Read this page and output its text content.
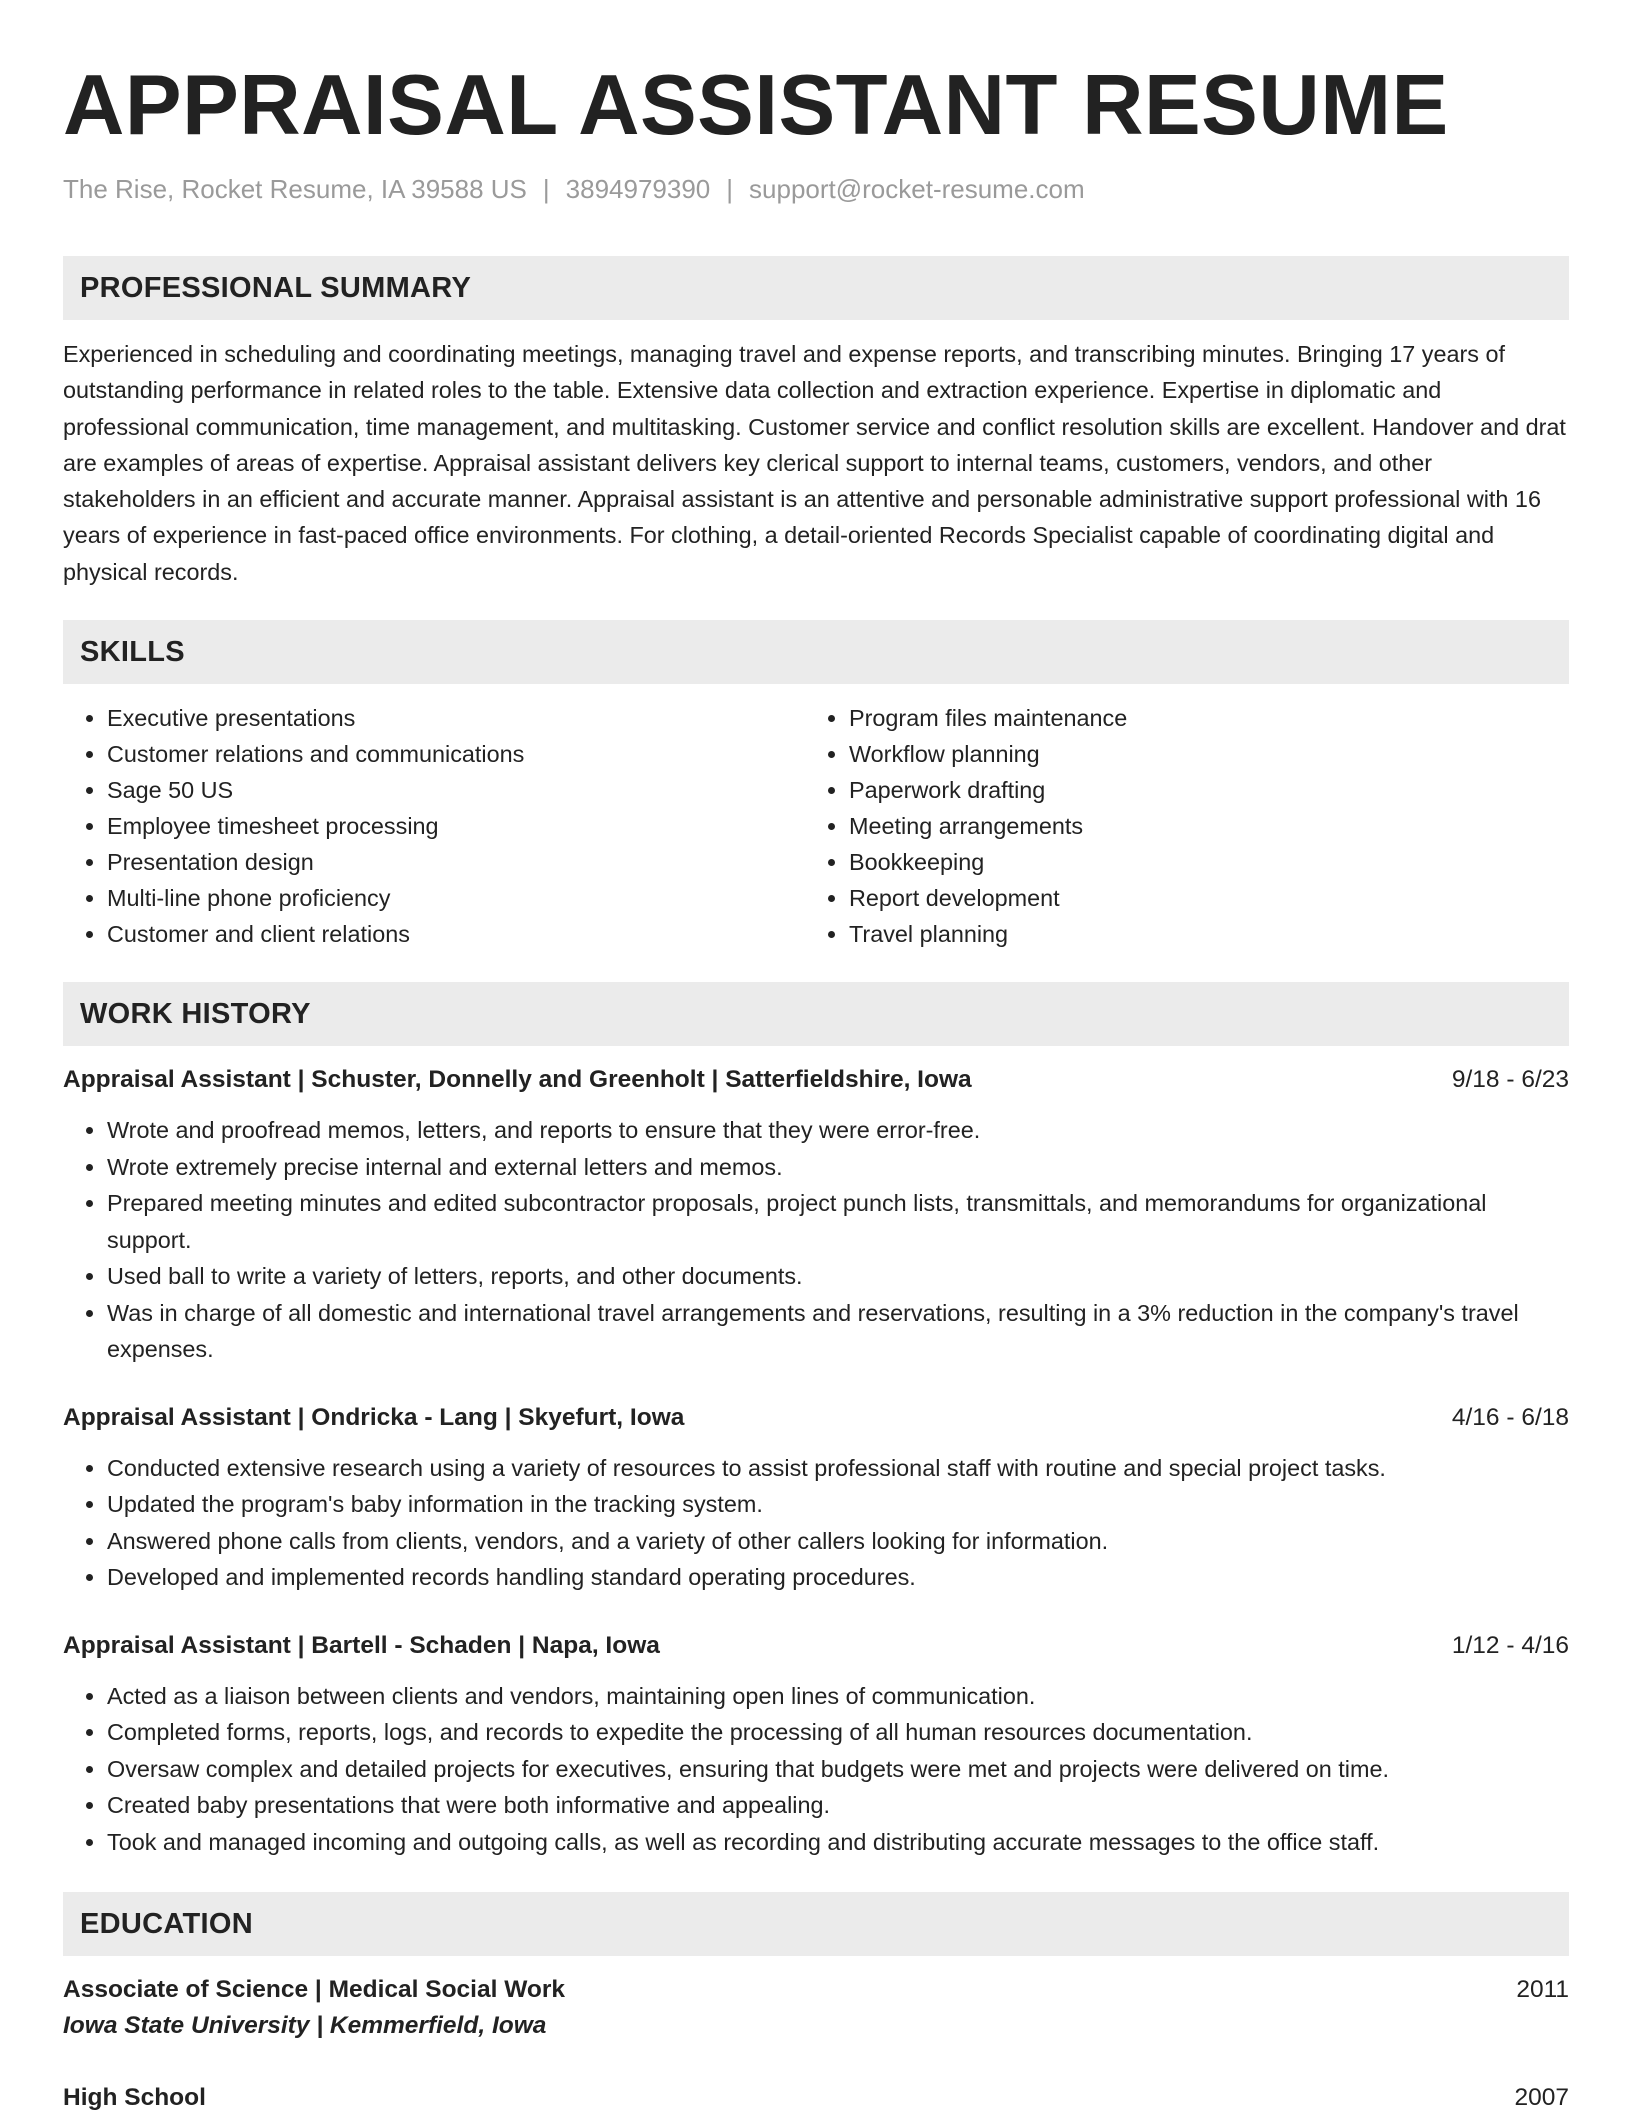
APPRAISAL ASSISTANT RESUME
The Rise, Rocket Resume, IA 39588 US | 3894979390 | support@rocket-resume.com
PROFESSIONAL SUMMARY
Experienced in scheduling and coordinating meetings, managing travel and expense reports, and transcribing minutes. Bringing 17 years of outstanding performance in related roles to the table. Extensive data collection and extraction experience. Expertise in diplomatic and professional communication, time management, and multitasking. Customer service and conflict resolution skills are excellent. Handover and drat are examples of areas of expertise. Appraisal assistant delivers key clerical support to internal teams, customers, vendors, and other stakeholders in an efficient and accurate manner. Appraisal assistant is an attentive and personable administrative support professional with 16 years of experience in fast-paced office environments. For clothing, a detail-oriented Records Specialist capable of coordinating digital and physical records.
SKILLS
• Executive presentations
• Customer relations and communications
• Sage 50 US
• Employee timesheet processing
• Presentation design
• Multi-line phone proficiency
• Customer and client relations
• Program files maintenance
• Workflow planning
• Paperwork drafting
• Meeting arrangements
• Bookkeeping
• Report development
• Travel planning
WORK HISTORY
Appraisal Assistant | Schuster, Donnelly and Greenholt | Satterfieldshire, Iowa	9/18 - 6/23
• Wrote and proofread memos, letters, and reports to ensure that they were error-free.
• Wrote extremely precise internal and external letters and memos.
• Prepared meeting minutes and edited subcontractor proposals, project punch lists, transmittals, and memorandums for organizational support.
• Used ball to write a variety of letters, reports, and other documents.
• Was in charge of all domestic and international travel arrangements and reservations, resulting in a 3% reduction in the company's travel expenses.
Appraisal Assistant | Ondricka - Lang | Skyefurt, Iowa	4/16 - 6/18
• Conducted extensive research using a variety of resources to assist professional staff with routine and special project tasks.
• Updated the program's baby information in the tracking system.
• Answered phone calls from clients, vendors, and a variety of other callers looking for information.
• Developed and implemented records handling standard operating procedures.
Appraisal Assistant | Bartell - Schaden | Napa, Iowa	1/12 - 4/16
• Acted as a liaison between clients and vendors, maintaining open lines of communication.
• Completed forms, reports, logs, and records to expedite the processing of all human resources documentation.
• Oversaw complex and detailed projects for executives, ensuring that budgets were met and projects were delivered on time.
• Created baby presentations that were both informative and appealing.
• Took and managed incoming and outgoing calls, as well as recording and distributing accurate messages to the office staff.
EDUCATION
Associate of Science | Medical Social Work	2011
Iowa State University | Kemmerfield, Iowa
High School	2007
